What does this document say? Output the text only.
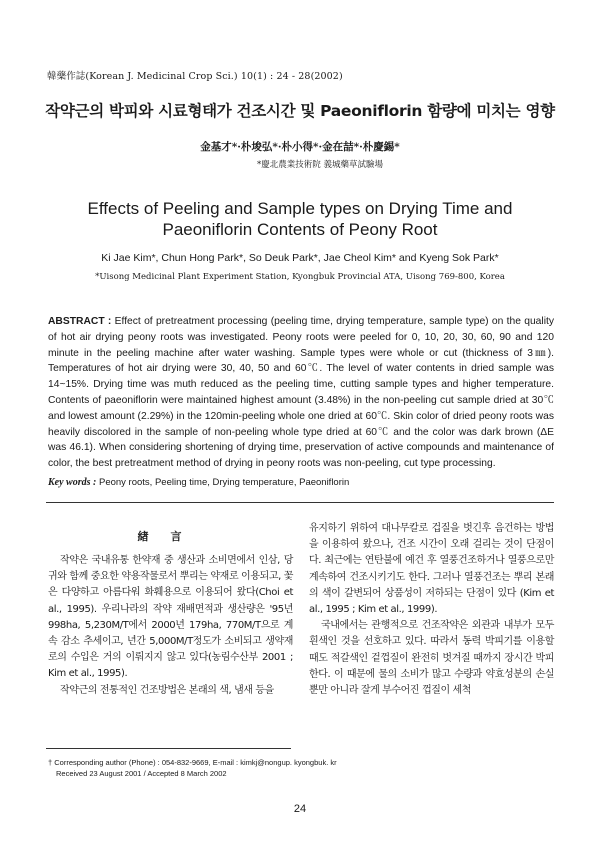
韓藥作誌(Korean J. Medicinal Crop Sci.) 10(1) : 24 - 28(2002)
작약근의 박피와 시료형태가 건조시간 및 Paeoniflorin 함량에 미치는 영향
金基才*·朴埈弘*·朴小得*·金在喆*·朴慶錫*
*慶北農業技術院 義城藥草試驗場
Effects of Peeling and Sample types on Drying Time and
Paeoniflorin Contents of Peony Root
Ki Jae Kim*, Chun Hong Park*, So Deuk Park*, Jae Cheol Kim* and Kyeng Sok Park*
*Uisong Medicinal Plant Experiment Station, Kyongbuk Provincial ATA, Uisong 769-800, Korea
ABSTRACT : Effect of pretreatment processing (peeling time, drying temperature, sample type) on the quality of hot air drying peony roots was investigated. Peony roots were peeled for 0, 10, 20, 30, 60, 90 and 120 minute in the peeling machine after water washing. Sample types were whole or cut (thickness of 3㎜). Temperatures of hot air drying were 30, 40, 50 and 60℃. The level of water contents in dried sample was 14~15%. Drying time was muth reduced as the peeling time, cutting sample types and higher temperature. Contents of paeoniflorin were maintained highest amount (3.48%) in the non-peeling cut sample dried at 30℃ and lowest amount (2.29%) in the 120min-peeling whole one dried at 60℃. Skin color of dried peony roots was heavily discolored in the sample of non-peeling whole type dried at 60℃ and the color was dark brown (ΔE was 46.1). When considering shortening of drying time, preservation of active compounds and maintenance of color, the best pretreatment method of drying in peony roots was non-peeling, cut type processing.
Key words : Peony roots, Peeling time, Drying temperature, Paeoniflorin
緖言

작약은 국내유통 한약재 중 생산과 소비면에서 인삼, 당귀와 함께 중요한 약용작물로서 뿌리는 약재로 이용되고, 꽃은 다양하고 아름다워 화훼용으로 이용되어 왔다(Choi et al., 1995). 우리나라의 작약 재배면적과 생산량은 '95년 998ha, 5,230M/T에서 2000년 179ha, 770M/T으로 계속 감소 추세이고, 년간 5,000M/T정도가 소비되고 생약재로의 수입은 거의 이뤄지지 않고 있다(농림수산부 2001 ; Kim et al., 1995).

작약근의 전통적인 건조방법은 본래의 색, 냄새 등을

유지하기 위하여 대나무칼로 겁질을 벗긴후 음건하는 방법을 이용하여 왔으나, 건조 시간이 오래 걸리는 것이 단점이다. 최근에는 연탄불에 예건 후 열풍건조하거나 열풍으로만 계속하여 건조시키기도 한다. 그러나 열풍건조는 뿌리 본래의 색이 갈변되어 상품성이 저하되는 단점이 있다 (Kim et al., 1995 ; Kim et al., 1999).

국내에서는 관행적으로 건조작약은 외관과 내부가 모두 흰색인 것을 선호하고 있다. 따라서 동력 박피기를 이용할 때도 적갈색인 겉껍질이 완전히 벗겨질 때까지 장시간 박피한다. 이 때문에 물의 소비가 많고 수량과 약효성분의 손실뿐만 아니라 잘게 부수어진 껍질이 세척

† Corresponding author (Phone) : 054-832-9669, E-mail : kimkj@nongup. kyongbuk. kr
Received 23 August 2001 / Accepted 8 March 2002
24
